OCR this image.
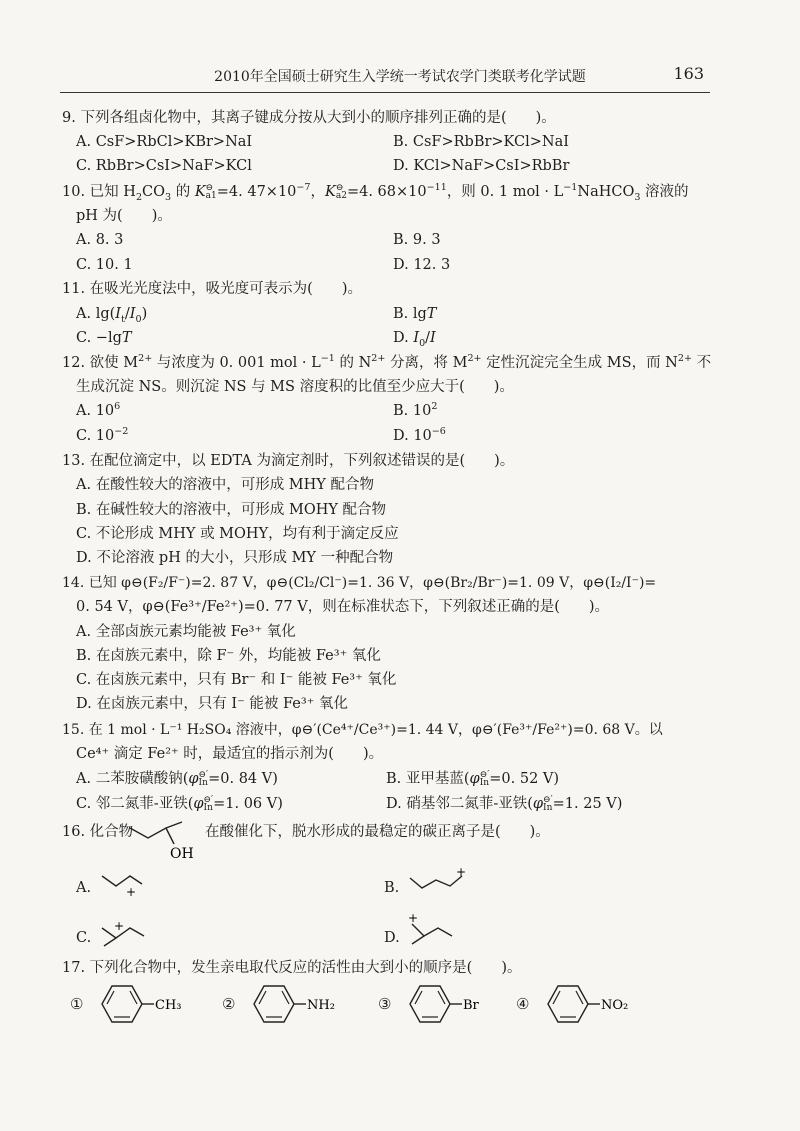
2010年全国硕士研究生入学统一考试农学门类联考化学试题	163
9. 下列各组卤化物中，其离子键成分按从大到小的顺序排列正确的是(　　)。
A. CsF>RbCl>KBr>NaI	B. CsF>RbBr>KCl>NaI
C. RbBr>CsI>NaF>KCl	D. KCl>NaF>CsI>RbBr
10. 已知 $H_2CO_3$ 的 K ⊖
a1 =4. $47\times 10^{-7}$，K ⊖
a2 =4. $68\times 10^{-11}$，则 0. 1 mol · $L^{-1}NaHCO_3$ 溶液的
pH 为(　　)。
A. 8. 3	B. 9. 3
C. 10. 1	D. 12. 3
11. 在吸光光度法中，吸光度可表示为(　　)。
A. $\lg(I_t/I_0)$	B. lgT
C. −lgT	D. $I_0/I$
12. 欲使 $M^{2+}$ 与浓度为 0. 001 mol · $L^{-1}$ 的 $N^{2+}$ 分离，将 $M^{2+}$ 定性沉淀完全生成 MS，而 $N^{2+}$ 不
生成沉淀 NS。则沉淀 NS 与 MS 溶度积的比值至少应大于(　　)。
A. $10^6$	B. $10^2$
C. $10^{-2}$	D. $10^{-6}$
13. 在配位滴定中，以 EDTA 为滴定剂时，下列叙述错误的是(　　)。
A. 在酸性较大的溶液中，可形成 MHY 配合物
B. 在碱性较大的溶液中，可形成 MOHY 配合物
C. 不论形成 MHY 或 MOHY，均有利于滴定反应
D. 不论溶液 pH 的大小，只形成 MY 一种配合物
14. 已知 φ⊖(F₂/F⁻)=2. 87 V，φ⊖(Cl₂/Cl⁻)=1. 36 V，φ⊖(Br₂/Br⁻)=1. 09 V，φ⊖(I₂/I⁻)=
0. 54 V，φ⊖(Fe³⁺/Fe²⁺)=0. 77 V，则在标准状态下，下列叙述正确的是(　　)。
A. 全部卤族元素均能被 Fe³⁺ 氧化
B. 在卤族元素中，除 F⁻ 外，均能被 Fe³⁺ 氧化
C. 在卤族元素中，只有 Br⁻ 和 I⁻ 能被 Fe³⁺ 氧化
D. 在卤族元素中，只有 I⁻ 能被 Fe³⁺ 氧化
15. 在 1 mol · L⁻¹ H₂SO₄ 溶液中，φ⊖′(Ce⁴⁺/Ce³⁺)=1. 44 V，φ⊖′(Fe³⁺/Fe²⁺)=0. 68 V。以
Ce⁴⁺ 滴定 Fe²⁺ 时，最适宜的指示剂为(　　)。
A. 二苯胺磺酸钠(φ ⊖′
In =0. 84 V)	B. 亚甲基蓝(φ ⊖′
In =0. 52 V)
C. 邻二氮菲-亚铁(φ ⊖′
In =1. 06 V)	D. 硝基邻二氮菲-亚铁(φ ⊖′
In =1. 25 V)
16. 化合物
OH
在酸催化下，脱水形成的最稳定的碳正离子是(　　)。
A.	+	B.
+
C.
+
D.
+
17. 下列化合物中，发生亲电取代反应的活性由大到小的顺序是(　　)。
①	CH₃	②	NH₂	③	Br ④	NO₂
